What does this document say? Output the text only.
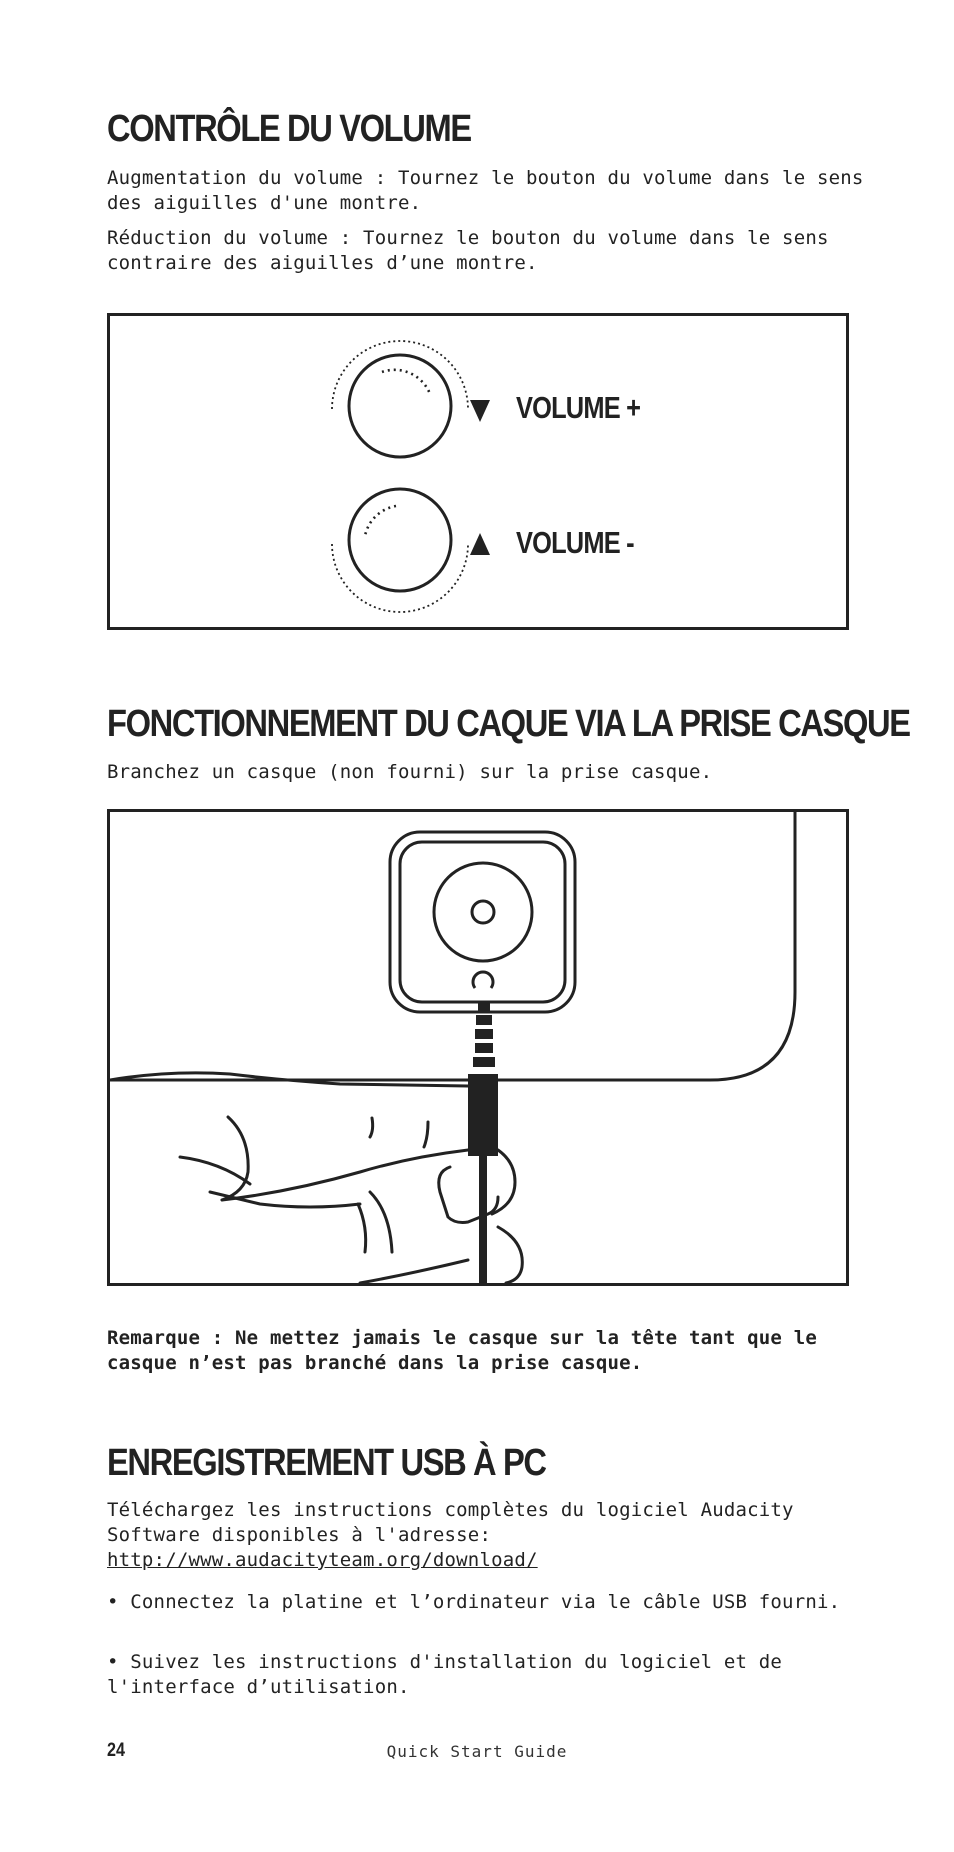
CONTRÔLE DU VOLUME

Augmentation du volume : Tournez le bouton du volume dans le sens des aiguilles d'une montre.

Réduction du volume : Tournez le bouton du volume dans le sens contraire des aiguilles d’une montre.

VOLUME +
VOLUME -
FONCTIONNEMENT DU CAQUE VIA LA PRISE CASQUE

Branchez un casque (non fourni) sur la prise casque.

Remarque : Ne mettez jamais le casque sur la tête tant que le casque n’est pas branché dans la prise casque.

ENREGISTREMENT USB À PC

Téléchargez les instructions complètes du logiciel Audacity Software disponibles à l'adresse: http://www.audacityteam.org/download/

• Connectez la platine et l’ordinateur via le câble USB fourni.

• Suivez les instructions d'installation du logiciel et de l'interface d’utilisation.

24	Quick Start Guide
